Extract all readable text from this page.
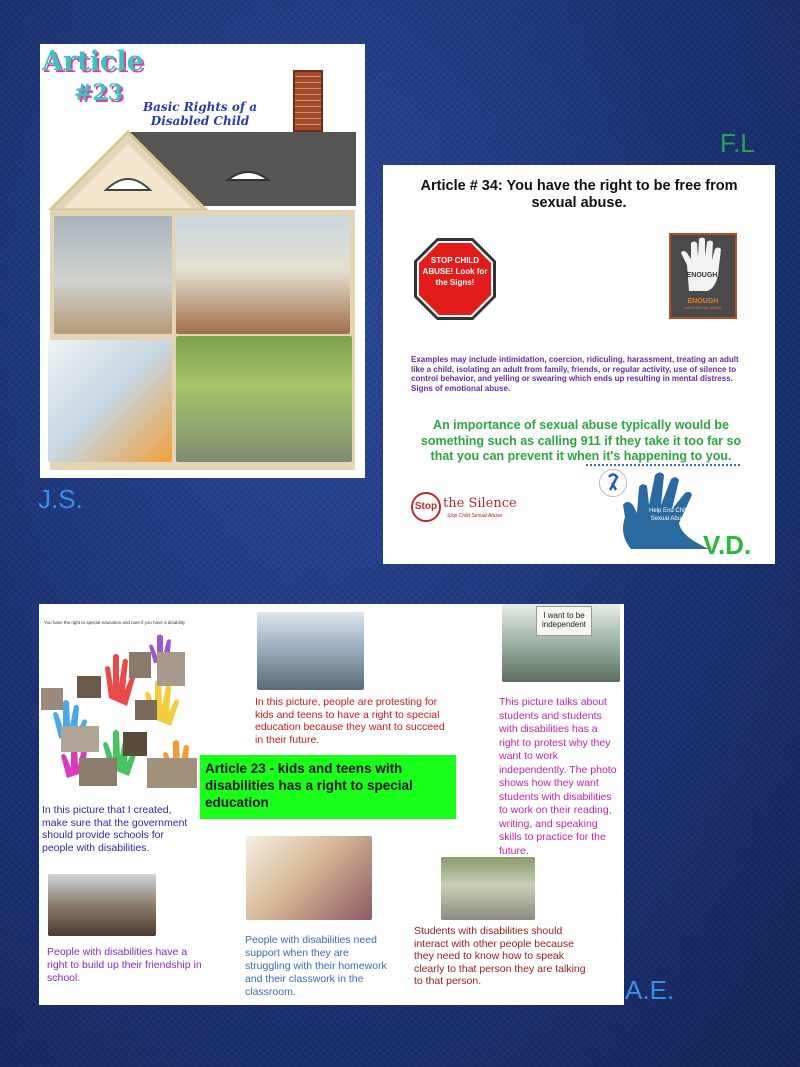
Article
#23
Basic Rights of a Disabled Child
J.S.
F.L
Article # 34: You have the right to be free from sexual abuse.
STOP CHILD ABUSE! Look for the Signs!
ENOUGH
ENOUGH
CHILD SEXUAL ABUSE
Examples may include intimidation, coercion, ridiculing, harassment, treating an adult like a child, isolating an adult from family, friends, or regular activity, use of silence to control behavior, and yelling or swearing which ends up resulting in mental distress. Signs of emotional abuse.
An importance of sexual abuse typically would be something such as calling 911 if they take it too far so that you can prevent it when it's happening to you.
Stop the Silence
Stop Child Sexual Abuse
Help End Child Sexual Abuse
V.D.
You have the right to special education and care if you have a disability
In this picture that I created, make sure that the government should provide schools for people with disabilities.
In this picture, people are protesting for kids and teens to have a right to special education because they want to succeed in their future.
I want to be independent
This picture talks about students and students with disabilities has a right to protest why they want to work independently. The photo shows how they want students with disabilities to work on their reading, writing, and speaking skills to practice for the future.
Article 23 - kids and teens with disabilities has a right to special education
People with disabilities have a right to build up their friendship in school.
People with disabilities need support when they are struggling with their homework and their classwork in the classroom.
Students with disabilities should interact with other people because they need to know how to speak clearly to that person they are talking to that person.	A.E.
